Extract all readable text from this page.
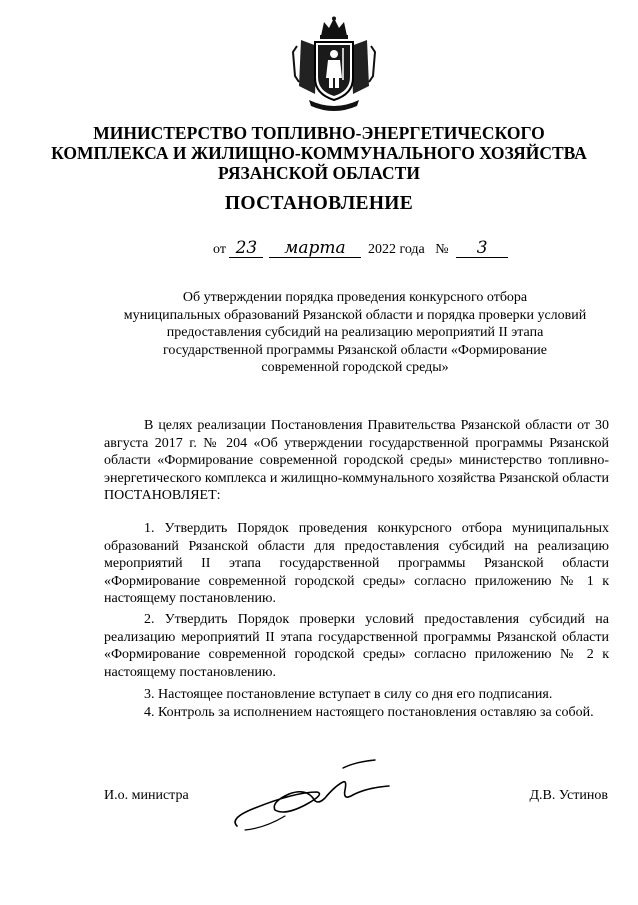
МИНИСТЕРСТВО ТОПЛИВНО-ЭНЕРГЕТИЧЕСКОГО
КОМПЛЕКСА И ЖИЛИЩНО-КОММУНАЛЬНОГО ХОЗЯЙСТВА
РЯЗАНСКОЙ ОБЛАСТИ
ПОСТАНОВЛЕНИЕ
от 23 марта 2022 года № 3
Об утверждении порядка проведения конкурсного отбора
муниципальных образований Рязанской области и порядка проверки условий
предоставления субсидий на реализацию мероприятий II этапа
государственной программы Рязанской области «Формирование
современной городской среды»
В целях реализации Постановления Правительства Рязанской области от 30 августа 2017 г. № 204 «Об утверждении государственной программы Рязанской области «Формирование современной городской среды» министерство топливно-энергетического комплекса и жилищно-коммунального хозяйства Рязанской области ПОСТАНОВЛЯЕТ:
1. Утвердить Порядок проведения конкурсного отбора муниципальных образований Рязанской области для предоставления субсидий на реализацию мероприятий II этапа государственной программы Рязанской области «Формирование современной городской среды» согласно приложению № 1 к настоящему постановлению.
2. Утвердить Порядок проверки условий предоставления субсидий на реализацию мероприятий II этапа государственной программы Рязанской области «Формирование современной городской среды» согласно приложению № 2 к настоящему постановлению.
3. Настоящее постановление вступает в силу со дня его подписания.
4. Контроль за исполнением настоящего постановления оставляю за собой.
И.о. министра	Д.В. Устинов
